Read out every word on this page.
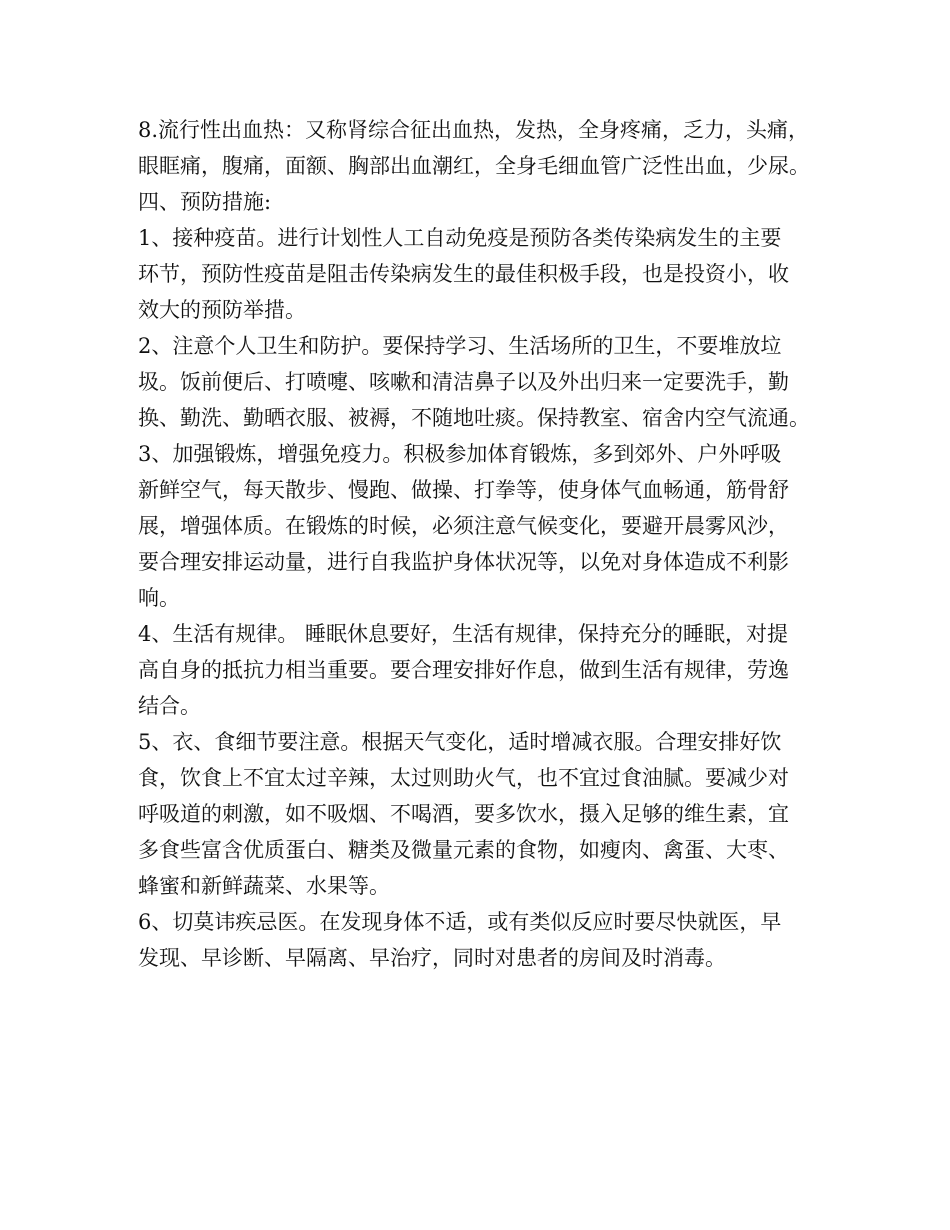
8.流行性出血热：又称肾综合征出血热，发热，全身疼痛，乏力，头痛，
眼眶痛，腹痛，面额、胸部出血潮红，全身毛细血管广泛性出血，少尿。
四、预防措施:
1、接种疫苗。进行计划性人工自动免疫是预防各类传染病发生的主要
环节，预防性疫苗是阻击传染病发生的最佳积极手段，也是投资小，收
效大的预防举措。
2、注意个人卫生和防护。要保持学习、生活场所的卫生，不要堆放垃
圾。饭前便后、打喷嚏、咳嗽和清洁鼻子以及外出归来一定要洗手，勤
换、勤洗、勤晒衣服、被褥，不随地吐痰。保持教室、宿舍内空气流通。
3、加强锻炼，增强免疫力。积极参加体育锻炼，多到郊外、户外呼吸
新鲜空气，每天散步、慢跑、做操、打拳等，使身体气血畅通，筋骨舒
展，增强体质。在锻炼的时候，必须注意气候变化，要避开晨雾风沙，
要合理安排运动量，进行自我监护身体状况等，以免对身体造成不利影
响。
4、生活有规律。 睡眠休息要好，生活有规律，保持充分的睡眠，对提
高自身的抵抗力相当重要。要合理安排好作息，做到生活有规律，劳逸
结合。
5、衣、食细节要注意。根据天气变化，适时增减衣服。合理安排好饮
食，饮食上不宜太过辛辣，太过则助火气，也不宜过食油腻。要减少对
呼吸道的刺激，如不吸烟、不喝酒，要多饮水，摄入足够的维生素，宜
多食些富含优质蛋白、糖类及微量元素的食物，如瘦肉、禽蛋、大枣、
蜂蜜和新鲜蔬菜、水果等。
6、切莫讳疾忌医。在发现身体不适，或有类似反应时要尽快就医，早
发现、早诊断、早隔离、早治疗，同时对患者的房间及时消毒。
